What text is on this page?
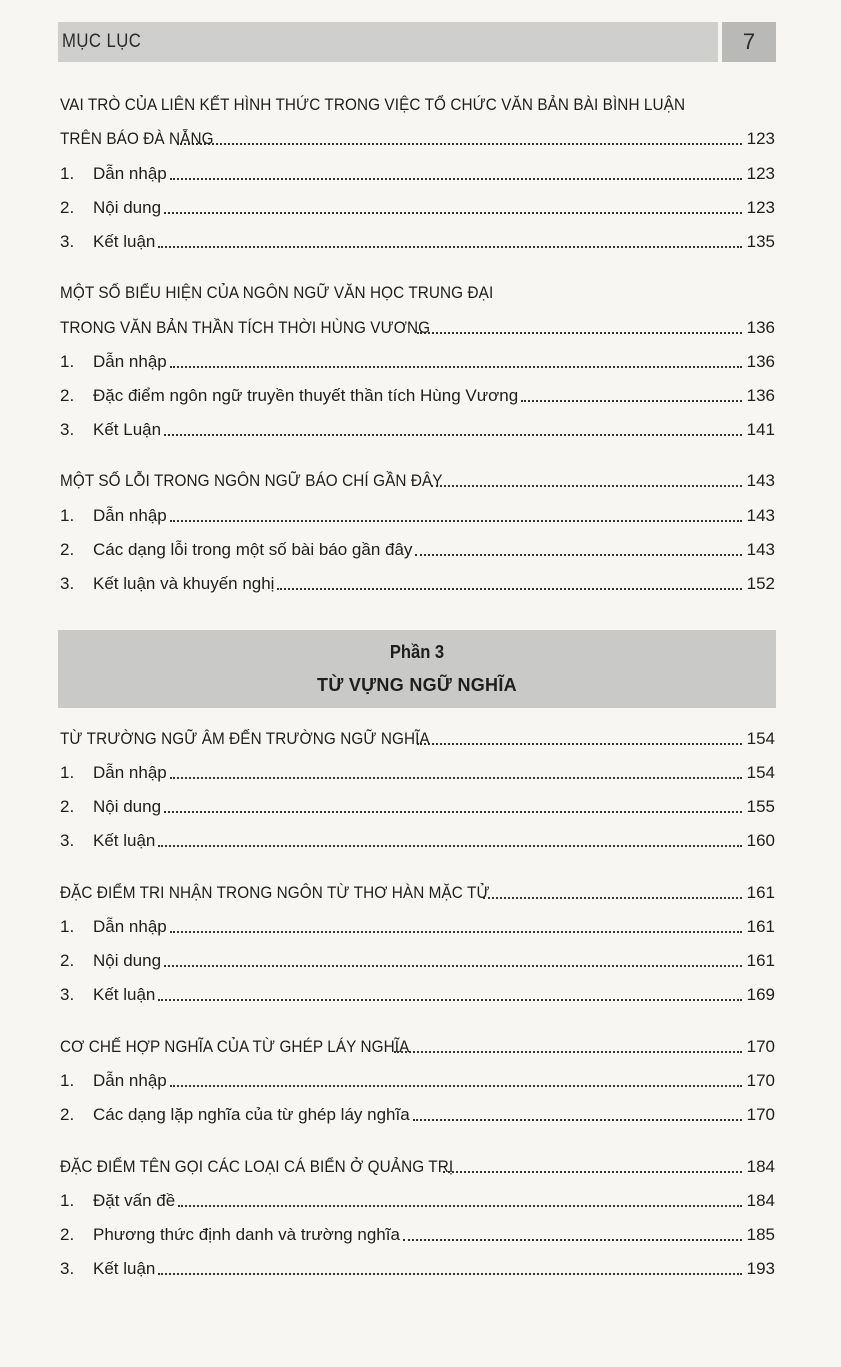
MỤC LỤC	7
VAI TRÒ CỦA LIÊN KẾT HÌNH THỨC TRONG VIỆC TỔ CHỨC VĂN BẢN BÀI BÌNH LUẬN
TRÊN BÁO ĐÀ NẴNG	123
1.	Dẫn nhập	123
2.	Nội dung	123
3.	Kết luận	135
MỘT SỐ BIỂU HIỆN CỦA NGÔN NGỮ VĂN HỌC TRUNG ĐẠI
TRONG VĂN BẢN THẦN TÍCH THỜI HÙNG VƯƠNG	136
1.	Dẫn nhập	136
2.	Đặc điểm ngôn ngữ truyền thuyết thần tích Hùng Vương	136
3.	Kết Luận	141
MỘT SỐ LỖI TRONG NGÔN NGỮ BÁO CHÍ GẦN ĐÂY	143
1.	Dẫn nhập	143
2.	Các dạng lỗi trong một số bài báo gần đây	143
3.	Kết luận và khuyến nghị	152
Phần 3
TỪ VỰNG NGỮ NGHĨA
TỪ TRƯỜNG NGỮ ÂM ĐẾN TRƯỜNG NGỮ NGHĨA	154
1.	Dẫn nhập	154
2.	Nội dung	155
3.	Kết luận	160
ĐẶC ĐIỂM TRI NHẬN TRONG NGÔN TỪ THƠ HÀN MẶC TỬ	161
1.	Dẫn nhập	161
2.	Nội dung	161
3.	Kết luận	169
CƠ CHẾ HỢP NGHĨA CỦA TỪ GHÉP LÁY NGHĨA	170
1.	Dẫn nhập	170
2.	Các dạng lặp nghĩa của từ ghép láy nghĩa	170
ĐẶC ĐIỂM TÊN GỌI CÁC LOẠI CÁ BIỂN Ở QUẢNG TRỊ	184
1.	Đặt vấn đề	184
2.	Phương thức định danh và trường nghĩa	185
3.	Kết luận	193
